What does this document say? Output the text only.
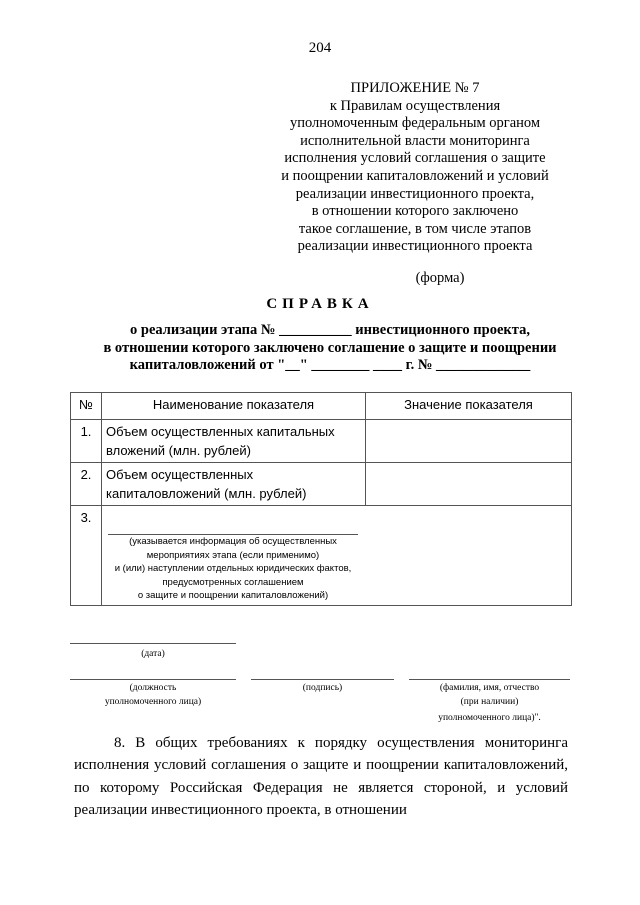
204
ПРИЛОЖЕНИЕ № 7
к Правилам осуществления
уполномоченным федеральным органом
исполнительной власти мониторинга
исполнения условий соглашения о защите
и поощрении капиталовложений и условий
реализации инвестиционного проекта,
в отношении которого заключено
такое соглашение, в том числе этапов
реализации инвестиционного проекта
(форма)
СПРАВКА
о реализации этапа № __________ инвестиционного проекта,
в отношении которого заключено соглашение о защите и поощрении
капиталовложений от "__" ________ ____ г. № _____________
№	Наименование показателя	Значение показателя
1.	Объем осуществленных капитальных вложений (млн. рублей)	
2.	Объем осуществленных капиталовложений (млн. рублей)	
3.	(указывается информация об осуществленных
мероприятиях этапа (если применимо)
и (или) наступлении отдельных юридических фактов,
предусмотренных соглашением
о защите и поощрении капиталовложений)	
(дата)
(должность
уполномоченного лица)
(подпись)	(фамилия, имя, отчество
(при наличии)
уполномоченного лица)".
8. В общих требованиях к порядку осуществления мониторинга исполнения условий соглашения о защите и поощрении капиталовложений, по которому Российская Федерация не является стороной, и условий реализации инвестиционного проекта, в отношении
